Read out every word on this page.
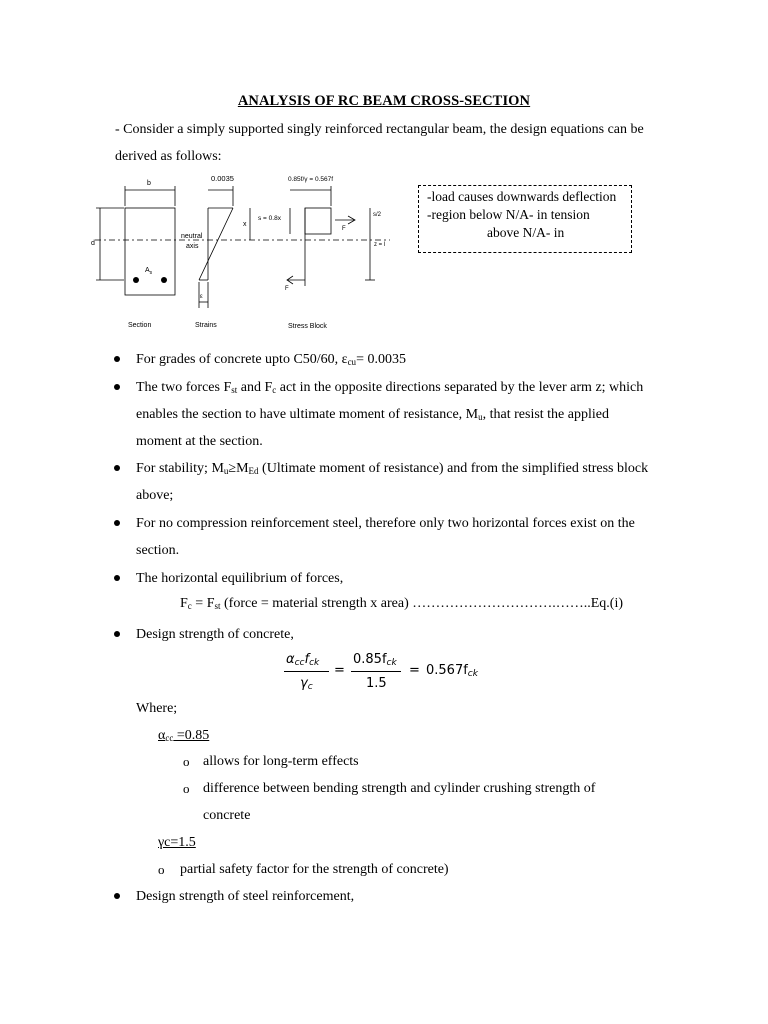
ANALYSIS OF RC BEAM CROSS-SECTION
- Consider a simply supported singly reinforced rectangular beam, the design equations can be
derived as follows:
b
d
$A_s$
0.0035
neutral
axis
x
ε
0.85f/γ = 0.567f
s = 0.8x	s/2
F
z = l
F
Section	Strains	Stress Block
-load causes downwards deflection
-region below N/A- in tension
above N/A- in
For grades of concrete upto C50/60, $\varepsilon_{cu}= 0.0035$
The two forces $F_{st}$ and $F_c$ act in the opposite directions separated by the lever arm z; which
enables the section to have ultimate moment of resistance, $M_u$, that resist the applied
moment at the section.
For stability; $M_u\ge M_{Ed}$ (Ultimate moment of resistance) and from the simplified stress block
above;
For no compression reinforcement steel, therefore only two horizontal forces exist on the
section.
The horizontal equilibrium of forces,
$F_c = F_{st}$ (force = material strength x area) ………………………….……..Eq.(i)
Design strength of concrete,
$\alpha_{cc}f_{ck}$
$\gamma_c$
=
$0.85f_{ck}$
1.5
= $0.567f_{ck}$
Where;
$\alpha_{cc} =0.85$
o allows for long-term effects
o difference between bending strength and cylinder crushing strength of
concrete
γc=1.5
o partial safety factor for the strength of concrete)
Design strength of steel reinforcement,
